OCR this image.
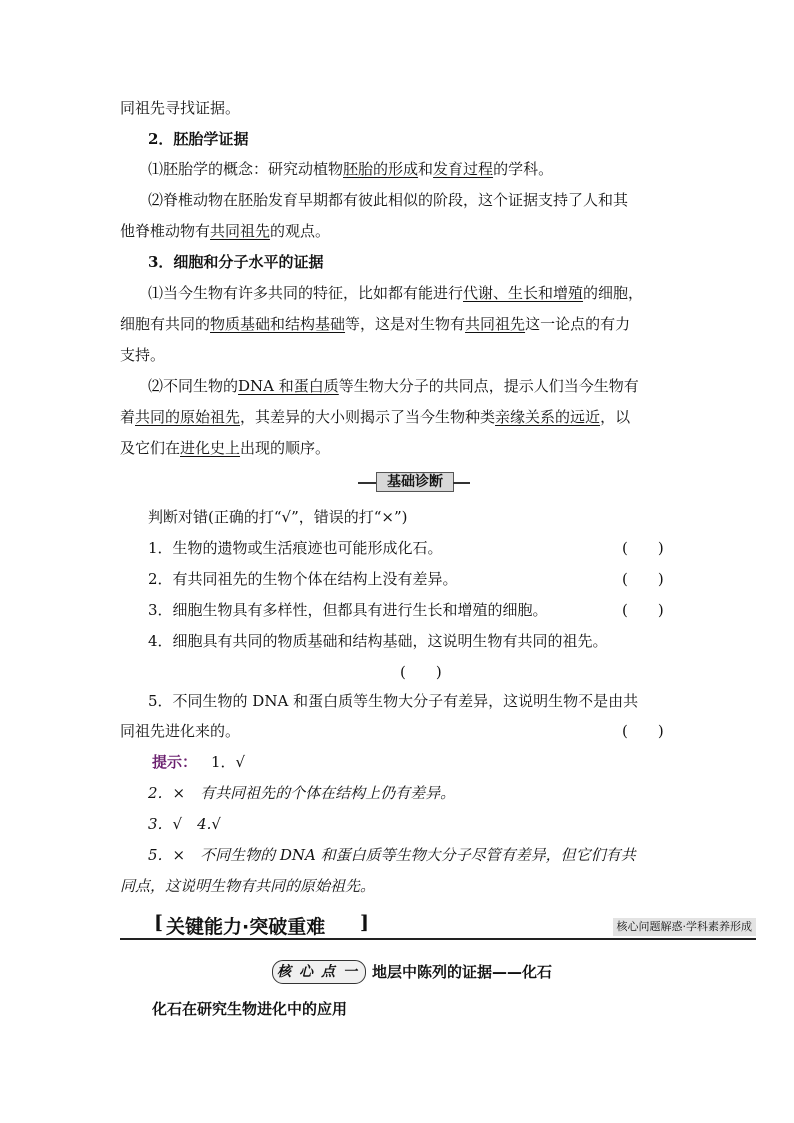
同祖先寻找证据。
2．胚胎学证据
⑴胚胎学的概念：研究动植物胚胎的形成和发育过程的学科。
⑵脊椎动物在胚胎发育早期都有彼此相似的阶段，这个证据支持了人和其
他脊椎动物有共同祖先的观点。
3．细胞和分子水平的证据
⑴当今生物有许多共同的特征，比如都有能进行代谢、生长和增殖的细胞，
细胞有共同的物质基础和结构基础等，这是对生物有共同祖先这一论点的有力
支持。
⑵不同生物的DNA 和蛋白质等生物大分子的共同点，提示人们当今生物有
着共同的原始祖先，其差异的大小则揭示了当今生物种类亲缘关系的远近，以
及它们在进化史上出现的顺序。
基础诊断
判断对错(正确的打“√”，错误的打“×”)
1．生物的遗物或生活痕迹也可能形成化石。	(　　)
2．有共同祖先的生物个体在结构上没有差异。	(　　)
3．细胞生物具有多样性，但都具有进行生长和增殖的细胞。	(　　)
4．细胞具有共同的物质基础和结构基础，这说明生物有共同的祖先。
(　　)
5．不同生物的 DNA 和蛋白质等生物大分子有差异，这说明生物不是由共
同祖先进化来的。	(　　)
提示： 1．√
2．×　有共同祖先的个体在结构上仍有差异。
3．√　4.√
5．×　不同生物的 DNA 和蛋白质等生物大分子尽管有差异，但它们有共
同点，这说明生物有共同的原始祖先。
[ 关键能力·突破重难 ]	核心问题解惑·学科素养形成
核 心 点 一	地层中陈列的证据——化石
化石在研究生物进化中的应用
